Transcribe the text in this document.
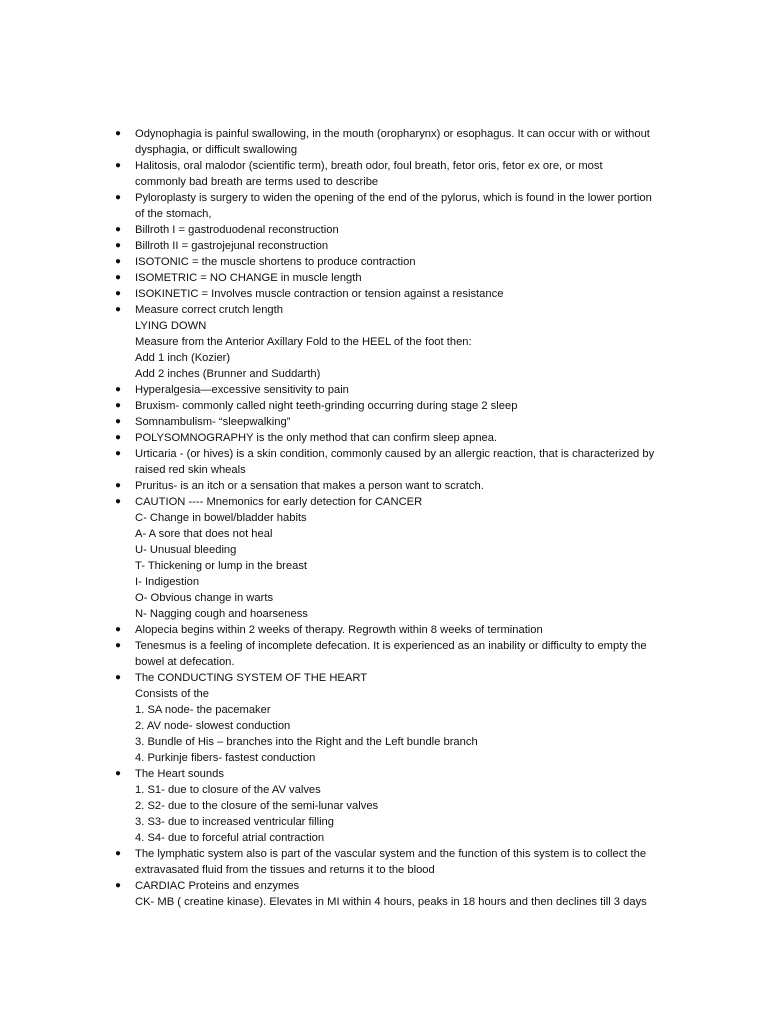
● Odynophagia is painful swallowing, in the mouth (oropharynx) or esophagus. It can occur with or without
dysphagia, or difficult swallowing
● Halitosis, oral malodor (scientific term), breath odor, foul breath, fetor oris, fetor ex ore, or most
commonly bad breath are terms used to describe
● Pyloroplasty is surgery to widen the opening of the end of the pylorus, which is found in the lower portion
of the stomach,
● Billroth I = gastroduodenal reconstruction
● Billroth II = gastrojejunal reconstruction
● ISOTONIC = the muscle shortens to produce contraction
● ISOMETRIC = NO CHANGE in muscle length
● ISOKINETIC = Involves muscle contraction or tension against a resistance
● Measure correct crutch length
LYING DOWN
Measure from the Anterior Axillary Fold to the HEEL of the foot then:
Add 1 inch (Kozier)
Add 2 inches (Brunner and Suddarth)
● Hyperalgesia—excessive sensitivity to pain
● Bruxism- commonly called night teeth-grinding occurring during stage 2 sleep
● Somnambulism- “sleepwalking”
● POLYSOMNOGRAPHY is the only method that can confirm sleep apnea.
● Urticaria - (or hives) is a skin condition, commonly caused by an allergic reaction, that is characterized by
raised red skin wheals
● Pruritus- is an itch or a sensation that makes a person want to scratch.
● CAUTION ---- Mnemonics for early detection for CANCER
C- Change in bowel/bladder habits
A- A sore that does not heal
U- Unusual bleeding
T- Thickening or lump in the breast
I- Indigestion
O- Obvious change in warts
N- Nagging cough and hoarseness
● Alopecia begins within 2 weeks of therapy. Regrowth within 8 weeks of termination
● Tenesmus is a feeling of incomplete defecation. It is experienced as an inability or difficulty to empty the
bowel at defecation.
● The CONDUCTING SYSTEM OF THE HEART
Consists of the
1. SA node- the pacemaker
2. AV node- slowest conduction
3. Bundle of His – branches into the Right and the Left bundle branch
4. Purkinje fibers- fastest conduction
● The Heart sounds
1. S1- due to closure of the AV valves
2. S2- due to the closure of the semi-lunar valves
3. S3- due to increased ventricular filling
4. S4- due to forceful atrial contraction
● The lymphatic system also is part of the vascular system and the function of this system is to collect the
extravasated fluid from the tissues and returns it to the blood
● CARDIAC Proteins and enzymes
CK- MB ( creatine kinase). Elevates in MI within 4 hours, peaks in 18 hours and then declines till 3 days
